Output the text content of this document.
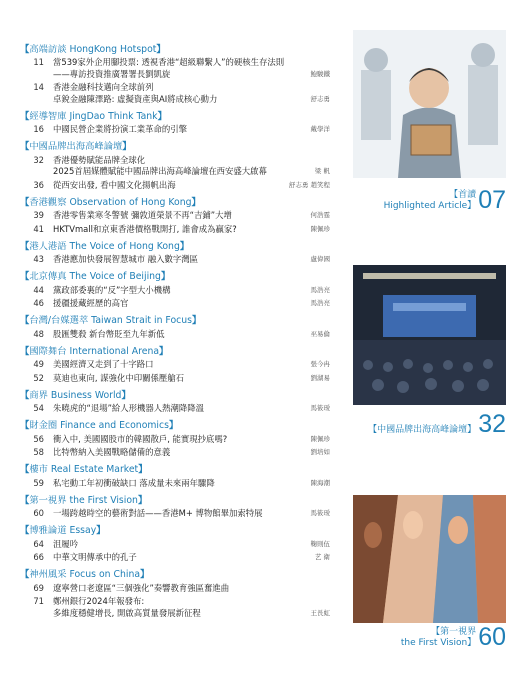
【 高端訪談 HongKong Hotspot 】
11 當539家外企用腳投票: 透視香港“超級聯繫人”的硬核生存法則
——專訪投資推廣署署長劉凱旋	鮑駿鐵
14 香港金融科技邁向全球前列
卓銳金融陳澤路: 虛擬資產與AI將成核心動力	舒志勇
【 經導智庫 JingDao Think Tank 】
16 中國民營企業將扮演工業革命的引擎	戴學洋
【 中國品牌出海高峰論壇 】
32 香港優勢賦能品牌全球化
2025首屆媒體賦能中國品牌出海高峰論壇在西安盛大啟幕	梁 帆
36 從西安出發, 看中國文化揚帆出海	舒志勇 趙笑程
【 香港觀察 Observation of Hong Kong 】
39 香港零售業寒冬警號 彌敦道榮景不再“吉鋪”大增	何浩霆
41 HKTVmall和京東香港價格戰開打, 誰會成為贏家?	陳佩珍
【 港人港語 The Voice of Hong Kong 】
43 香港應加快發展智慧城市 融入數字灣區	盧偉國
【 北京傳真 The Voice of Beijing 】
44 黨政部委裏的“反”字型大小機構	馬浩亮
46 援疆援藏經歷的高官	馬浩亮
【 台灣/台媒選萃 Taiwan Strait in Focus 】
48 股匯雙殺 新台幣貶至九年新低	巫易倫
【 國際舞台 International Arena 】
49 美國經濟又走到了十字路口	張今冉
52 莫迪也東向, 謀強化中印關係壓艙石	劉湖易
【 商界 Business World 】
54 朱曉虎的“退場”給人形機器人熱潮降降溫	馬筱璦
【 財金圈 Finance and Economics 】
56 衝入中, 美國國股市的韓國散戶, 能實現抄底嗎?	陳佩珍
58 比特幣納入美國戰略儲備的意義	劉培如
【 樓市 Real Estate Market 】
59 私宅動工年初衝破缺口 落成量未來兩年驟降	陳海潮
【 第一視界 the First Vision 】
60 一場跨越時空的藝術對話——香港M+ 博物館畢加索特展	馬筱璦
【 博雅論道 Essay 】
64 沮履吟	鞠則伍
66 中華文明傳承中的孔子	艺 衛
【 神州風采 Focus on China 】
69 遼寧營口老遼區“三個強化”奏響教育強區奮進曲
71 鄭州銀行2024年報發布:
多維度穩健增長, 開啟高質量發展新征程	王長虹
【首讀
Highlighted Article】07
【中國品牌出海高峰論壇】32
【第一視界
the First Vision】60
